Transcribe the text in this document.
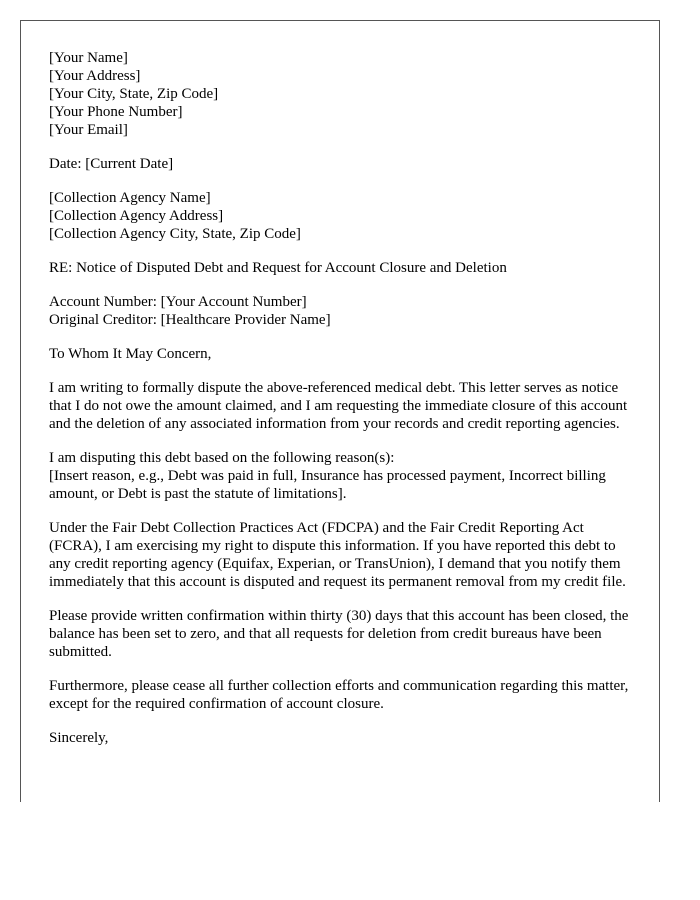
[Your Name]
[Your Address]
[Your City, State, Zip Code]
[Your Phone Number]
[Your Email]
Date: [Current Date]
[Collection Agency Name]
[Collection Agency Address]
[Collection Agency City, State, Zip Code]
RE: Notice of Disputed Debt and Request for Account Closure and Deletion
Account Number: [Your Account Number]
Original Creditor: [Healthcare Provider Name]
To Whom It May Concern,

I am writing to formally dispute the above-referenced medical debt. This letter serves as notice that I do not owe the amount claimed, and I am requesting the immediate closure of this account and the deletion of any associated information from your records and credit reporting agencies.

I am disputing this debt based on the following reason(s):
[Insert reason, e.g., Debt was paid in full, Insurance has processed payment, Incorrect billing amount, or Debt is past the statute of limitations].

Under the Fair Debt Collection Practices Act (FDCPA) and the Fair Credit Reporting Act (FCRA), I am exercising my right to dispute this information. If you have reported this debt to any credit reporting agency (Equifax, Experian, or TransUnion), I demand that you notify them immediately that this account is disputed and request its permanent removal from my credit file.

Please provide written confirmation within thirty (30) days that this account has been closed, the balance has been set to zero, and that all requests for deletion from credit bureaus have been submitted.

Furthermore, please cease all further collection efforts and communication regarding this matter, except for the required confirmation of account closure.

Sincerely,
